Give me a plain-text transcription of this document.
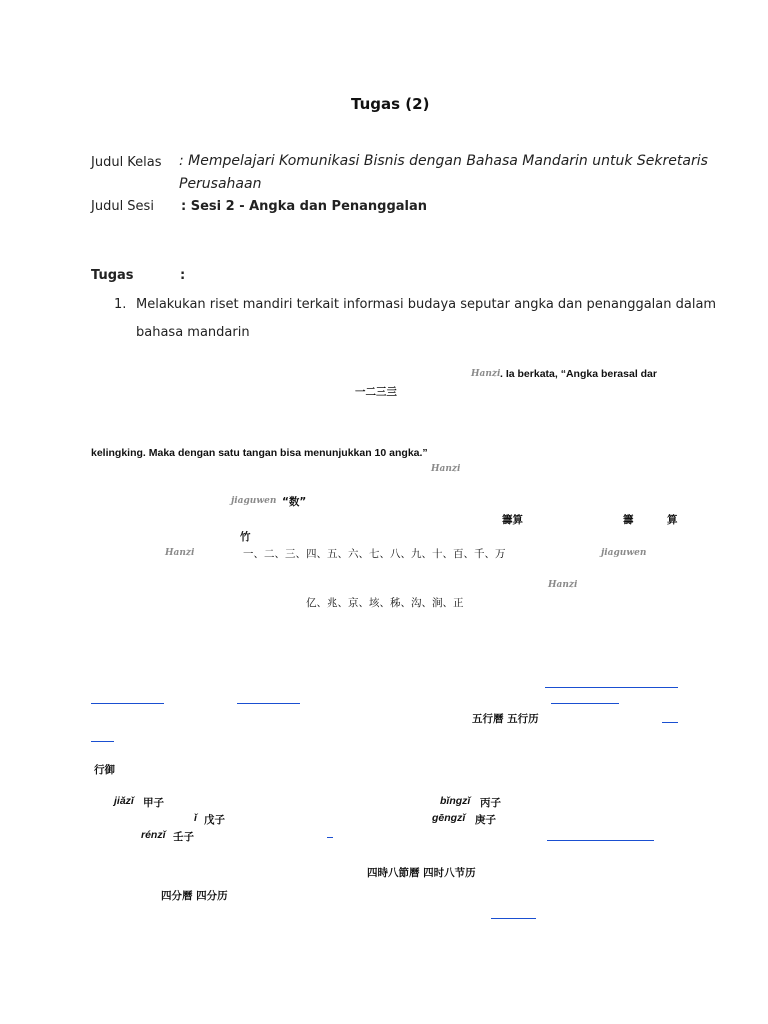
Tugas (2)
Judul Kelas : Mempelajari Komunikasi Bisnis dengan Bahasa Mandarin untuk Sekretaris
Perusahaan
Judul Sesi : Sesi 2 - Angka dan Penanggalan
Tugas	:
1. Melakukan riset mandiri terkait informasi budaya seputar angka dan penanggalan dalam
bahasa mandarin
Hanzi . Ia berkata, “Angka berasal dar
一二三亖
kelingking. Maka dengan satu tangan bisa menunjukkan 10 angka.”
Hanzi
jiaguwen “数”
籌算	籌	算
竹
Hanzi	一、二、三、四、五、六、七、八、九、十、百、千、万	jiaguwen
Hanzi
亿、兆、京、垓、秭、沟、涧、正
五行曆 五行历
行御
jiǎzǐ 甲子	bǐngzǐ 丙子
ǐ 戊子	gēngzǐ 庚子
rénzǐ 壬子
四時八節曆 四时八节历
四分曆 四分历
